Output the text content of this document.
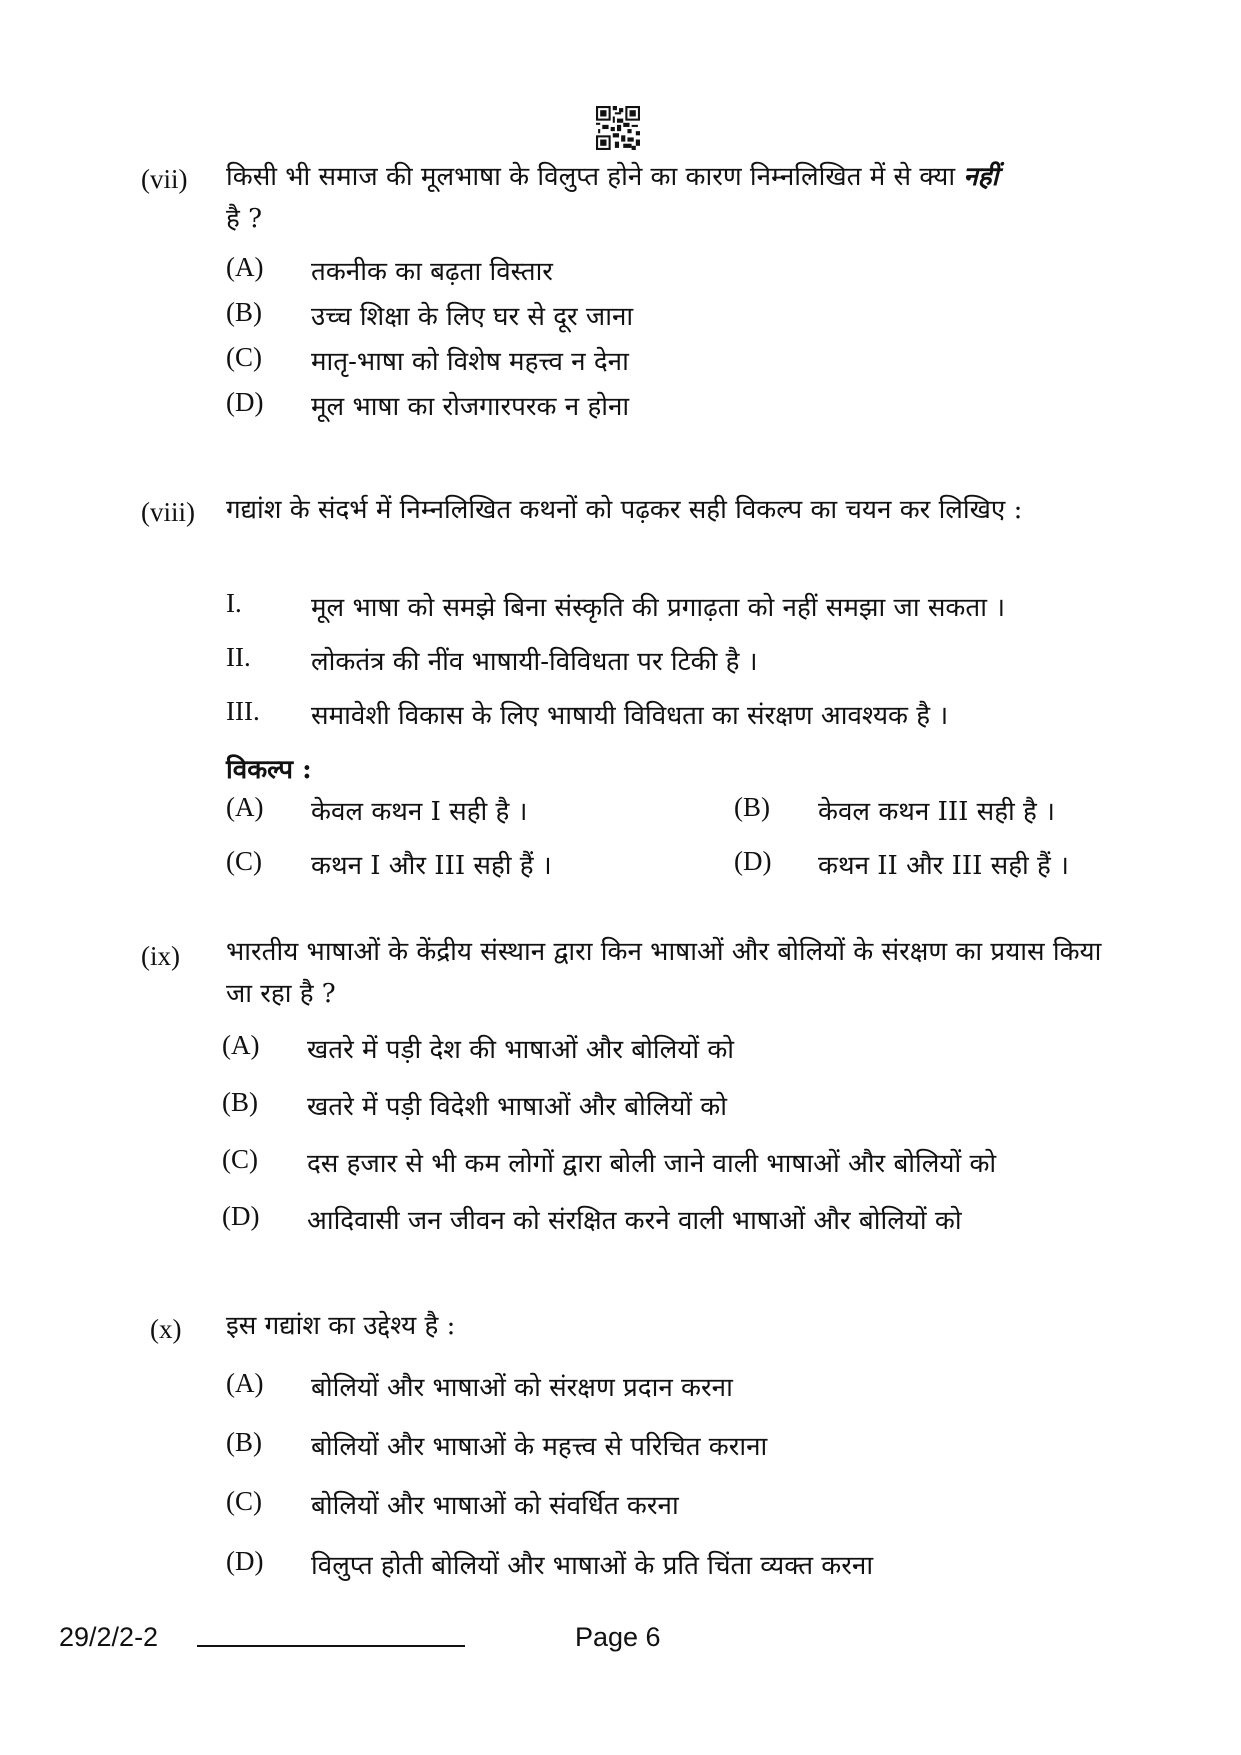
(vii) किसी भी समाज की मूलभाषा के विलुप्त होने का कारण निम्नलिखित में से क्या नहीं
है ?
(A) तकनीक का बढ़ता विस्तार
(B) उच्च शिक्षा के लिए घर से दूर जाना
(C) मातृ-भाषा को विशेष महत्त्व न देना
(D) मूल भाषा का रोजगारपरक न होना
(viii) गद्यांश के संदर्भ में निम्नलिखित कथनों को पढ़कर सही विकल्प का चयन कर लिखिए :
I.	मूल भाषा को समझे बिना संस्कृति की प्रगाढ़ता को नहीं समझा जा सकता ।
II. लोकतंत्र की नींव भाषायी-विविधता पर टिकी है ।
III. समावेशी विकास के लिए भाषायी विविधता का संरक्षण आवश्यक है ।
विकल्प :
(A) केवल कथन I सही है ।	(B) केवल कथन III सही है ।
(C) कथन I और III सही हैं ।	(D) कथन II और III सही हैं ।
(ix) भारतीय भाषाओं के केंद्रीय संस्थान द्वारा किन भाषाओं और बोलियों के संरक्षण का प्रयास किया जा रहा है ?
(A) खतरे में पड़ी देश की भाषाओं और बोलियों को
(B) खतरे में पड़ी विदेशी भाषाओं और बोलियों को
(C) दस हजार से भी कम लोगों द्वारा बोली जाने वाली भाषाओं और बोलियों को
(D) आदिवासी जन जीवन को संरक्षित करने वाली भाषाओं और बोलियों को
(x) इस गद्यांश का उद्देश्य है :
(A) बोलियों और भाषाओं को संरक्षण प्रदान करना
(B) बोलियों और भाषाओं के महत्त्व से परिचित कराना
(C) बोलियों और भाषाओं को संवर्धित करना
(D) विलुप्त होती बोलियों और भाषाओं के प्रति चिंता व्यक्त करना
29/2/2-2	Page 6
